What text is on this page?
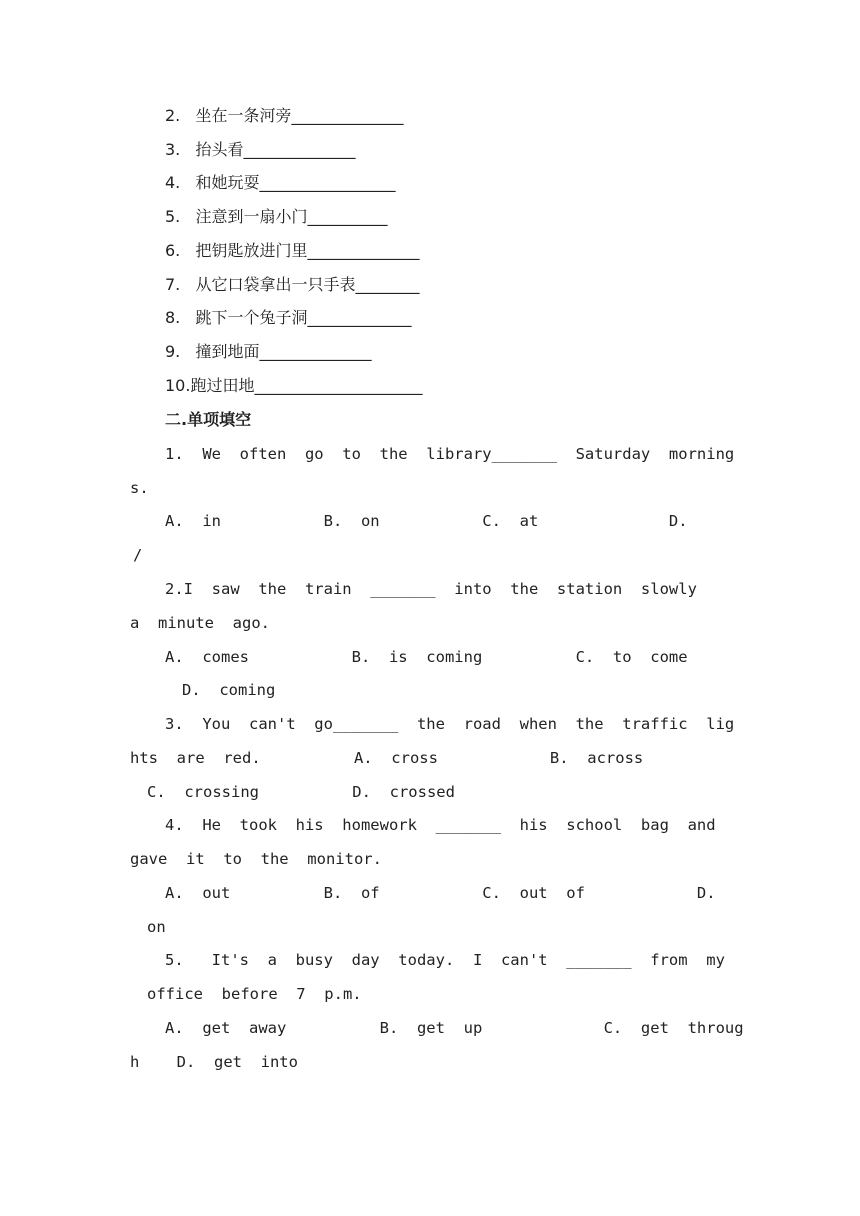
2.   坐在一条河旁______________
3.   抬头看______________
4.   和她玩耍_________________
5.   注意到一扇小门__________
6.   把钥匙放进门里______________
7.   从它口袋拿出一只手表________
8.   跳下一个兔子洞_____________
9.   撞到地面______________
10.跑过田地_____________________
二.单项填空
1.  We  often  go  to  the  library_______  Saturday  morning
s.
A.  in           B.  on           C.  at              D.
/
2.I  saw  the  train  _______  into  the  station  slowly
a  minute  ago.
A.  comes           B.  is  coming          C.  to  come
D.  coming
3.  You  can't  go_______  the  road  when  the  traffic  lig
hts  are  red.          A.  cross            B.  across
C.  crossing          D.  crossed
4.  He  took  his  homework  _______  his  school  bag  and
gave  it  to  the  monitor.
A.  out          B.  of           C.  out  of            D.
on
5.   It's  a  busy  day  today.  I  can't  _______  from  my
office  before  7  p.m.
A.  get  away          B.  get  up             C.  get  throug
h    D.  get  into
